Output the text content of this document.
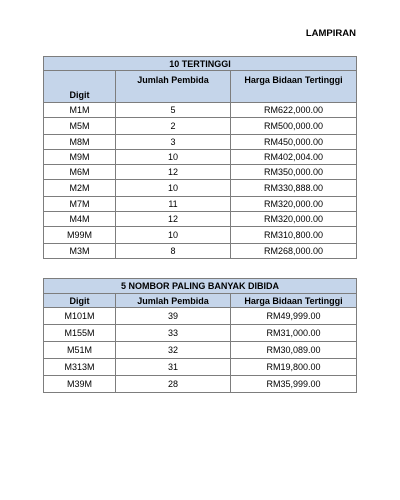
LAMPIRAN
10 TERTINGGI		
Digit	Jumlah Pembida	Harga Bidaan Tertinggi
M1M	5	RM622,000.00
M5M	2	RM500,000.00
M8M	3	RM450,000.00
M9M	10	RM402,004.00
M6M	12	RM350,000.00
M2M	10	RM330,888.00
M7M	11	RM320,000.00
M4M	12	RM320,000.00
M99M	10	RM310,800.00
M3M	8	RM268,000.00
5 NOMBOR PALING BANYAK DIBIDA		
Digit	Jumlah Pembida	Harga Bidaan Tertinggi
M101M	39	RM49,999.00
M155M	33	RM31,000.00
M51M	32	RM30,089.00
M313M	31	RM19,800.00
M39M	28	RM35,999.00
